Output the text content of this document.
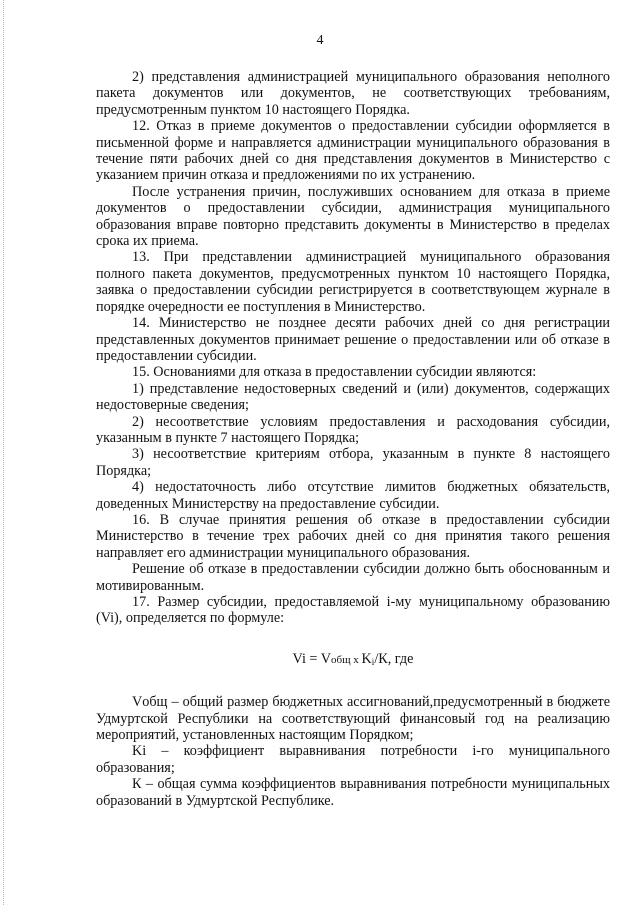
4

2) представления администрацией муниципального образования неполного пакета документов или документов, не соответствующих требованиям, предусмотренным пунктом 10 настоящего Порядка.

12. Отказ в приеме документов о предоставлении субсидии оформляется в письменной форме и направляется администрации муниципального образования в течение пяти рабочих дней со дня представления документов в Министерство с указанием причин отказа и предложениями по их устранению.

После устранения причин, послуживших основанием для отказа в приеме документов о предоставлении субсидии, администрация муниципального образования вправе повторно представить документы в Министерство в пределах срока их приема.

13. При представлении администрацией муниципального образования полного пакета документов, предусмотренных пунктом 10 настоящего Порядка, заявка о предоставлении субсидии регистрируется в соответствующем журнале в порядке очередности ее поступления в Министерство.

14. Министерство не позднее десяти рабочих дней со дня регистрации представленных документов принимает решение о предоставлении или об отказе в предоставлении субсидии.

15. Основаниями для отказа в предоставлении субсидии являются:

1) представление недостоверных сведений и (или) документов, содержащих недостоверные сведения;

2) несоответствие условиям предоставления и расходования субсидии, указанным в пункте 7 настоящего Порядка;

3) несоответствие критериям отбора, указанным в пункте 8 настоящего Порядка;

4) недостаточность либо отсутствие лимитов бюджетных обязательств, доведенных Министерству на предоставление субсидии.

16. В случае принятия решения об отказе в предоставлении субсидии Министерство в течение трех рабочих дней со дня принятия такого решения направляет его администрации муниципального образования.

Решение об отказе в предоставлении субсидии должно быть обоснованным и мотивированным.

17. Размер субсидии, предоставляемой i-му муниципальному образованию (Vi), определяется по формуле:

Vi = Vобщ x $K_i/К$, где

Vобщ – общий размер бюджетных ассигнований,предусмотренный в бюджете Удмуртской Республики на соответствующий финансовый год на реализацию мероприятий, установленных настоящим Порядком;

Ki – коэффициент выравнивания потребности i-го муниципального образования;

К – общая сумма коэффициентов выравнивания потребности муниципальных образований в Удмуртской Республике.
